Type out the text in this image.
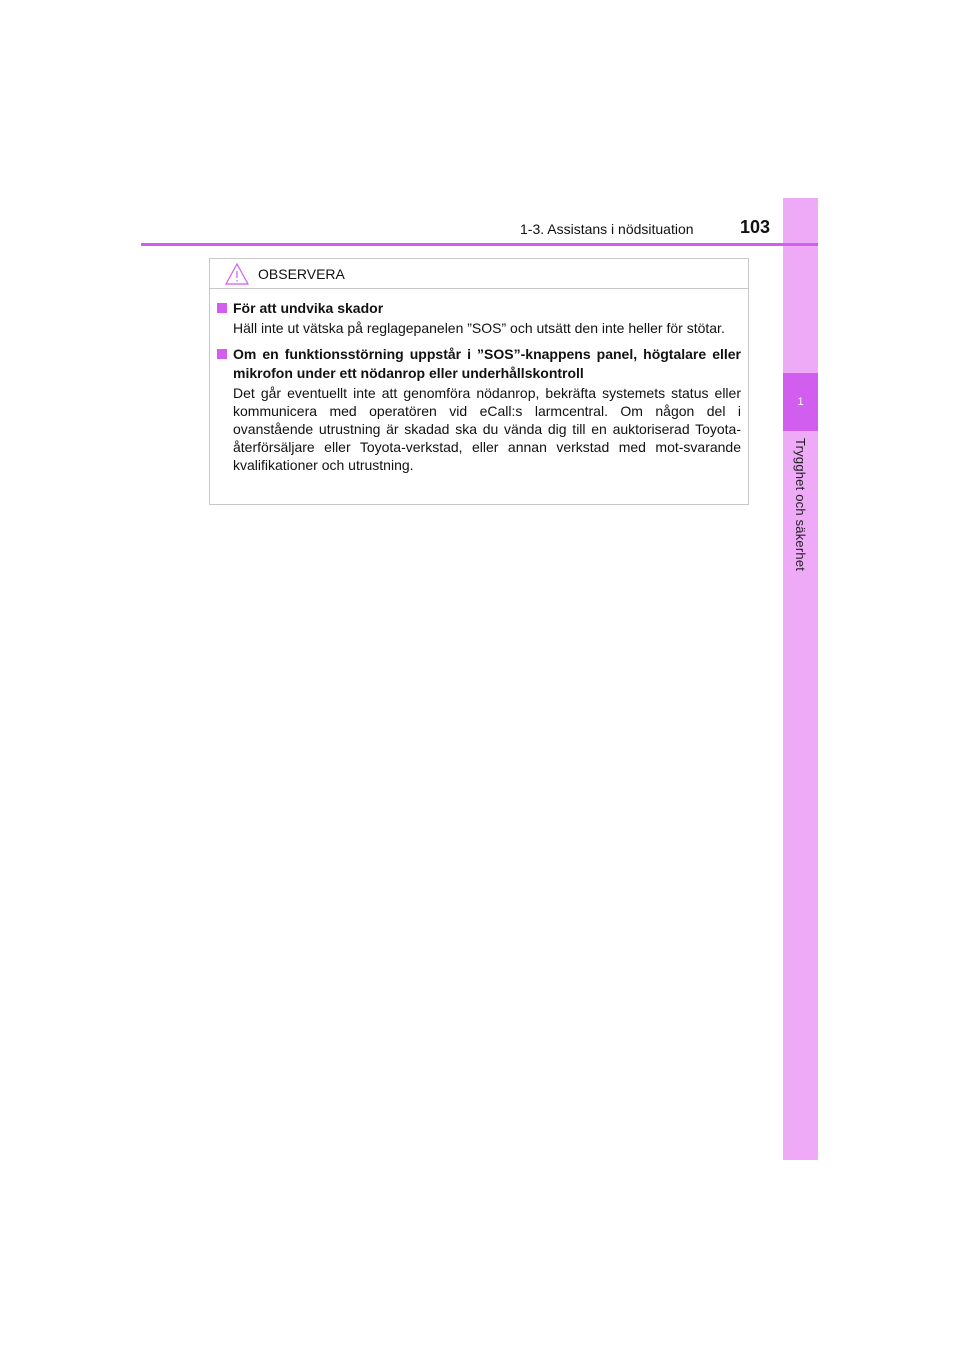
1
Trygghet och säkerhet
1-3. Assistans i nödsituation	103
OBSERVERA
För att undvika skador
Häll inte ut vätska på reglagepanelen ”SOS” och utsätt den inte heller för stötar.
Om en funktionsstörning uppstår i ”SOS”-knappens panel, högtalare eller mikrofon under ett nödanrop eller underhållskontroll
Det går eventuellt inte att genomföra nödanrop, bekräfta systemets status eller kommunicera med operatören vid eCall:s larmcentral. Om någon del i ovanstående utrustning är skadad ska du vända dig till en auktoriserad Toyota-återförsäljare eller Toyota-verkstad, eller annan verkstad med mot-svarande kvalifikationer och utrustning.
